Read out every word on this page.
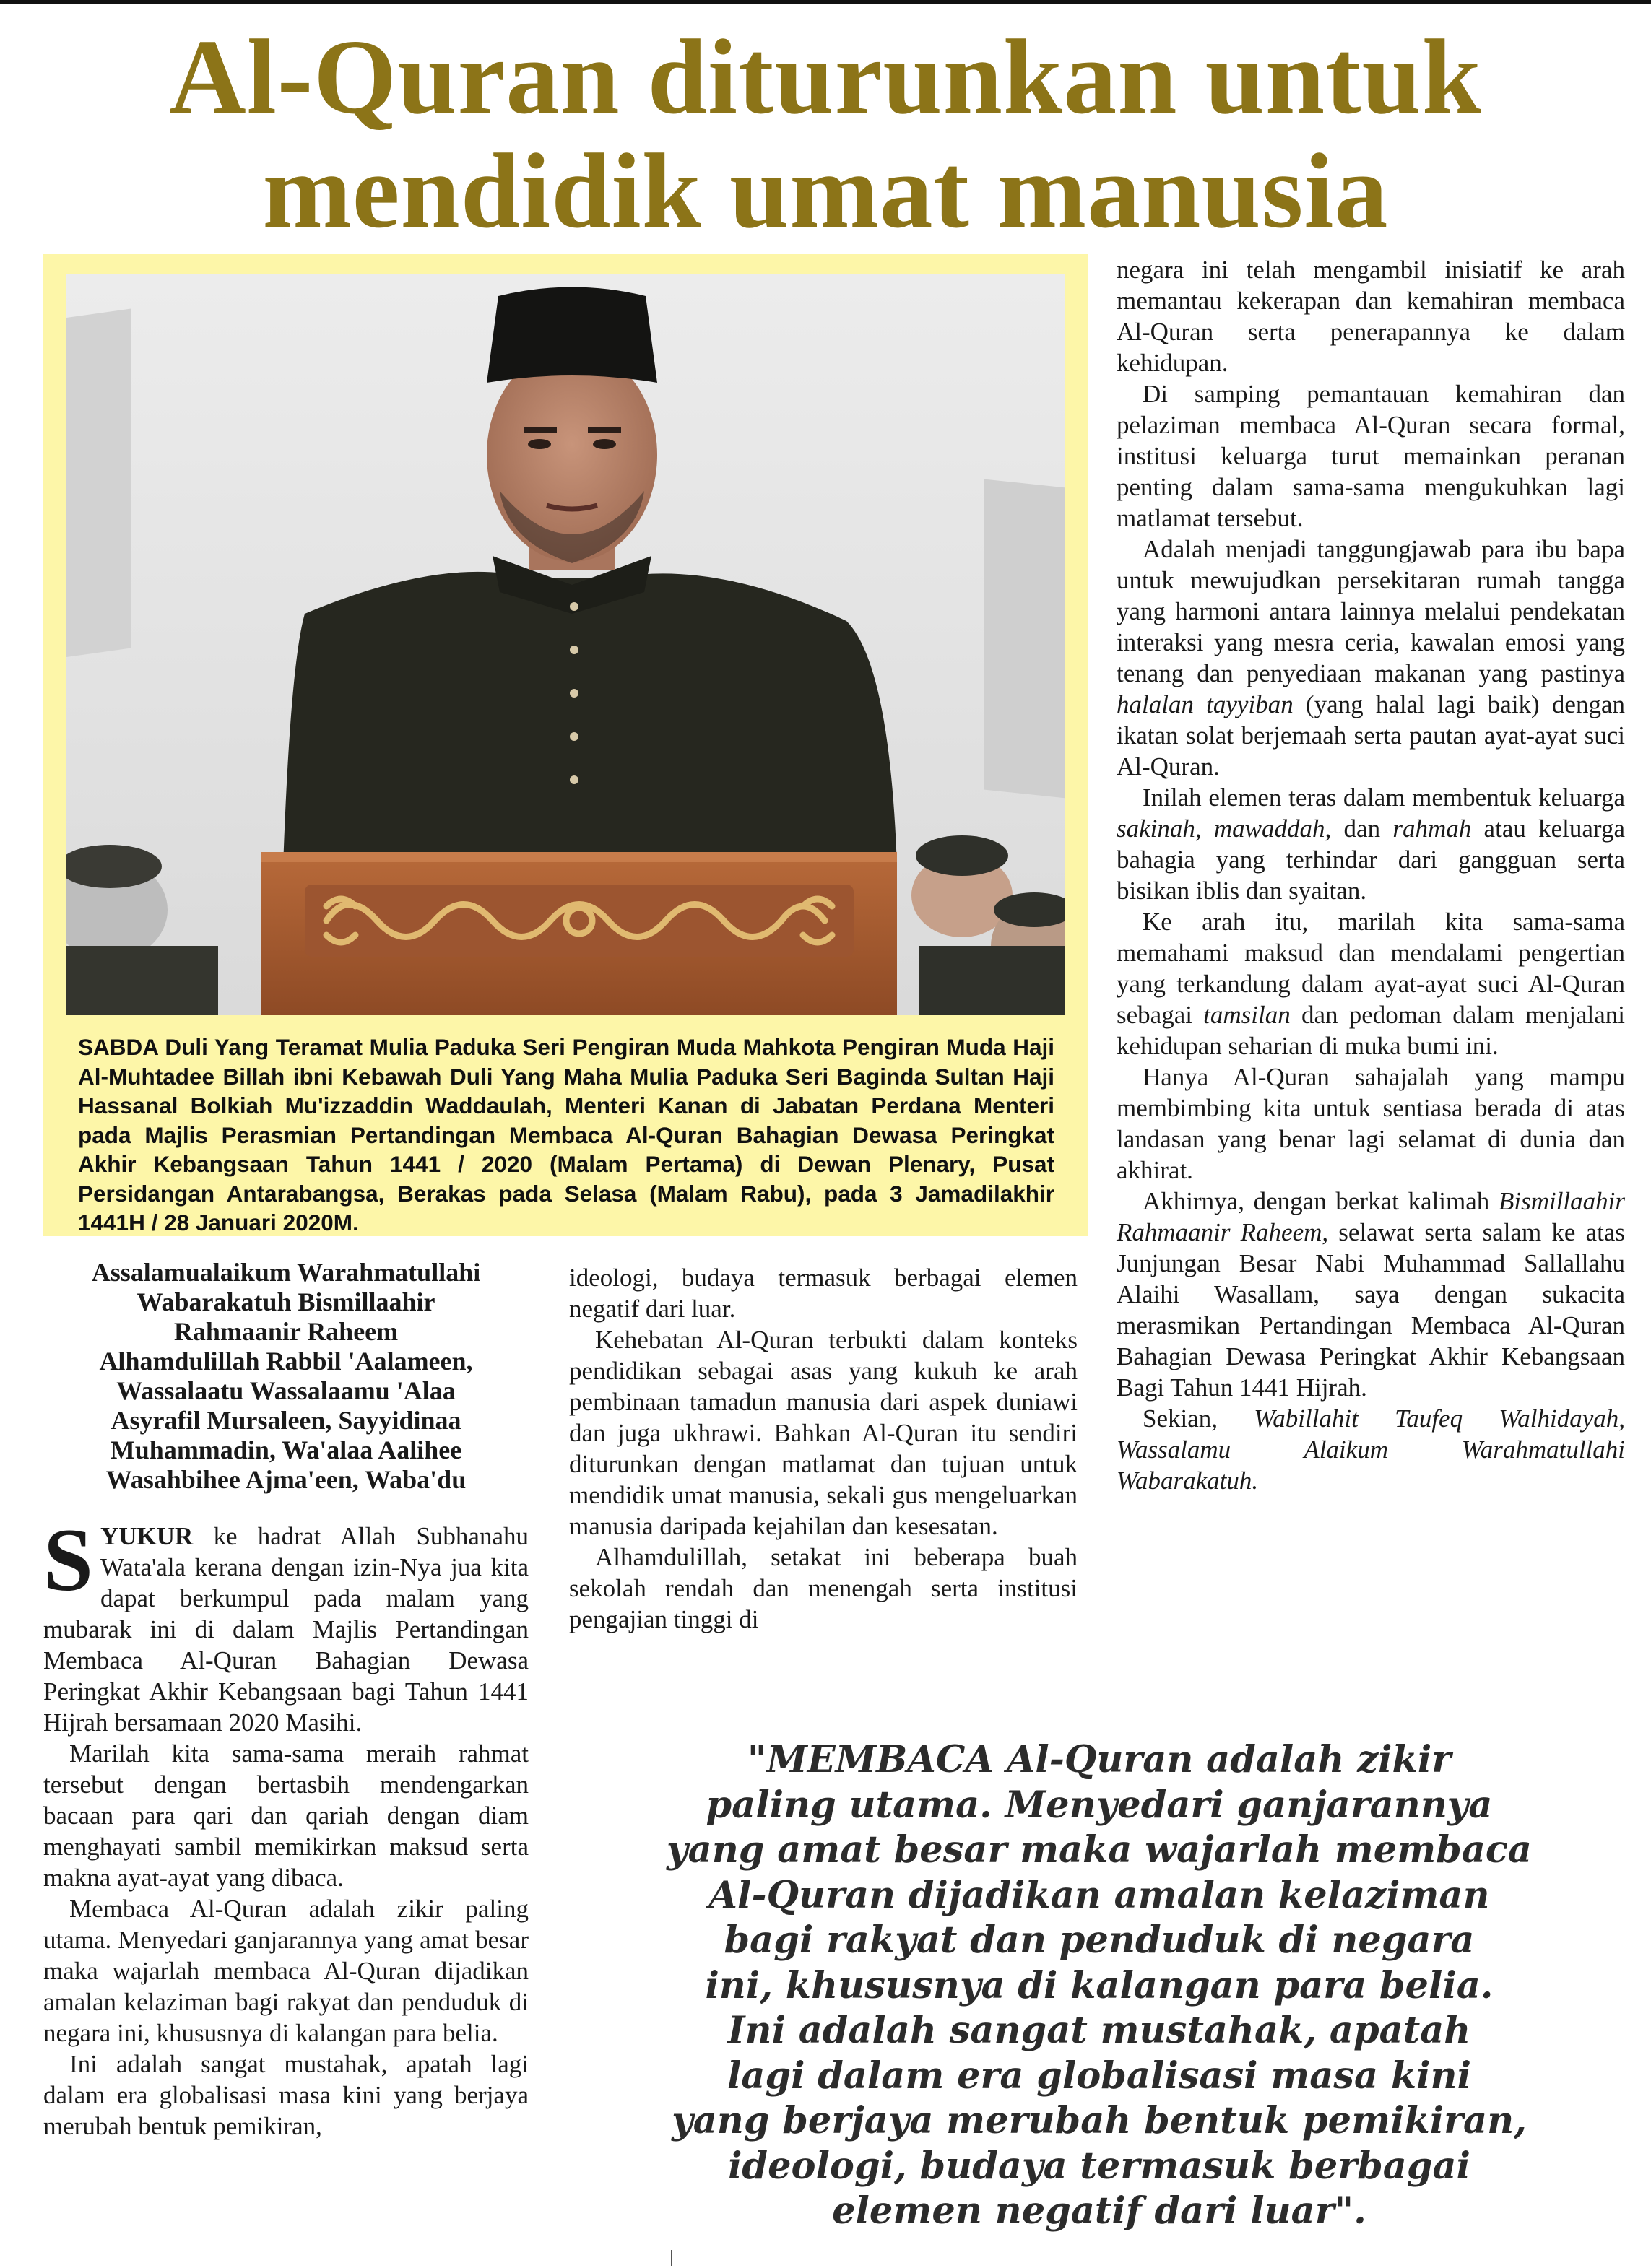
Al-Quran diturunkan untuk
mendidik umat manusia

SABDA Duli Yang Teramat Mulia Paduka Seri Pengiran Muda Mahkota Pengiran Muda Haji Al-Muhtadee Billah ibni Kebawah Duli Yang Maha Mulia Paduka Seri Baginda Sultan Haji Hassanal Bolkiah Mu'izzaddin Waddaulah, Menteri Kanan di Jabatan Perdana Menteri pada Majlis Perasmian Pertandingan Membaca Al-Quran Bahagian Dewasa Peringkat Akhir Kebangsaan Tahun 1441 / 2020 (Malam Pertama) di Dewan Plenary, Pusat Persidangan Antarabangsa, Berakas pada Selasa (Malam Rabu), pada 3 Jamadilakhir 1441H / 28 Januari 2020M.

negara ini telah mengambil inisiatif ke arah memantau kekerapan dan kemahiran membaca Al-Quran serta penerapannya ke dalam kehidupan.

Di samping pemantauan kemahiran dan pelaziman membaca Al-Quran secara formal, institusi keluarga turut memainkan peranan penting dalam sama-sama mengukuhkan lagi matlamat tersebut.

Adalah menjadi tanggungjawab para ibu bapa untuk mewujudkan persekitaran rumah tangga yang harmoni antara lainnya melalui pendekatan interaksi yang mesra ceria, kawalan emosi yang tenang dan penyediaan makanan yang pastinya halalan tayyiban (yang halal lagi baik) dengan ikatan solat berjemaah serta pautan ayat-ayat suci Al-Quran.

Inilah elemen teras dalam membentuk keluarga sakinah, mawaddah, dan rahmah atau keluarga bahagia yang terhindar dari gangguan serta bisikan iblis dan syaitan.

Ke arah itu, marilah kita sama-sama memahami maksud dan mendalami pengertian yang terkandung dalam ayat-ayat suci Al-Quran sebagai tamsilan dan pedoman dalam menjalani kehidupan seharian di muka bumi ini.

Hanya Al-Quran sahajalah yang mampu membimbing kita untuk sentiasa berada di atas landasan yang benar lagi selamat di dunia dan akhirat.

Akhirnya, dengan berkat kalimah Bismillaahir Rahmaanir Raheem, selawat serta salam ke atas Junjungan Besar Nabi Muhammad Sallallahu Alaihi Wasallam, saya dengan sukacita merasmikan Pertandingan Membaca Al-Quran Bahagian Dewasa Peringkat Akhir Kebangsaan Bagi Tahun 1441 Hijrah.

Sekian, Wabillahit Taufeq Walhidayah, Wassalamu Alaikum Warahmatullahi Wabarakatuh.

Assalamualaikum Warahmatullahi
Wabarakatuh Bismillaahir
Rahmaanir Raheem
Alhamdulillah Rabbil 'Aalameen,
Wassalaatu Wassalaamu 'Alaa
Asyrafil Mursaleen, Sayyidinaa
Muhammadin, Wa'alaa Aalihee
Wasahbihee Ajma'een, Waba'du

SYUKUR ke hadrat Allah Subhanahu Wata'ala kerana dengan izin-Nya jua kita dapat berkumpul pada malam yang mubarak ini di dalam Majlis Pertandingan Membaca Al-Quran Bahagian Dewasa Peringkat Akhir Kebangsaan bagi Tahun 1441 Hijrah bersamaan 2020 Masihi.

Marilah kita sama-sama meraih rahmat tersebut dengan bertasbih mendengarkan bacaan para qari dan qariah dengan diam menghayati sambil memikirkan maksud serta makna ayat-ayat yang dibaca.

Membaca Al-Quran adalah zikir paling utama. Menyedari ganjarannya yang amat besar maka wajarlah membaca Al-Quran dijadikan amalan kelaziman bagi rakyat dan penduduk di negara ini, khususnya di kalangan para belia.

Ini adalah sangat mustahak, apatah lagi dalam era globalisasi masa kini yang berjaya merubah bentuk pemikiran,

ideologi, budaya termasuk berbagai elemen negatif dari luar.

Kehebatan Al-Quran terbukti dalam konteks pendidikan sebagai asas yang kukuh ke arah pembinaan tamadun manusia dari aspek duniawi dan juga ukhrawi. Bahkan Al-Quran itu sendiri diturunkan dengan matlamat dan tujuan untuk mendidik umat manusia, sekali gus mengeluarkan manusia daripada kejahilan dan kesesatan.

Alhamdulillah, setakat ini beberapa buah sekolah rendah dan menengah serta institusi pengajian tinggi di

"MEMBACA Al-Quran adalah zikir
paling utama. Menyedari ganjarannya
yang amat besar maka wajarlah membaca
Al-Quran dijadikan amalan kelaziman
bagi rakyat dan penduduk di negara
ini, khususnya di kalangan para belia.
Ini adalah sangat mustahak, apatah
lagi dalam era globalisasi masa kini
yang berjaya merubah bentuk pemikiran,
ideologi, budaya termasuk berbagai
elemen negatif dari luar".
